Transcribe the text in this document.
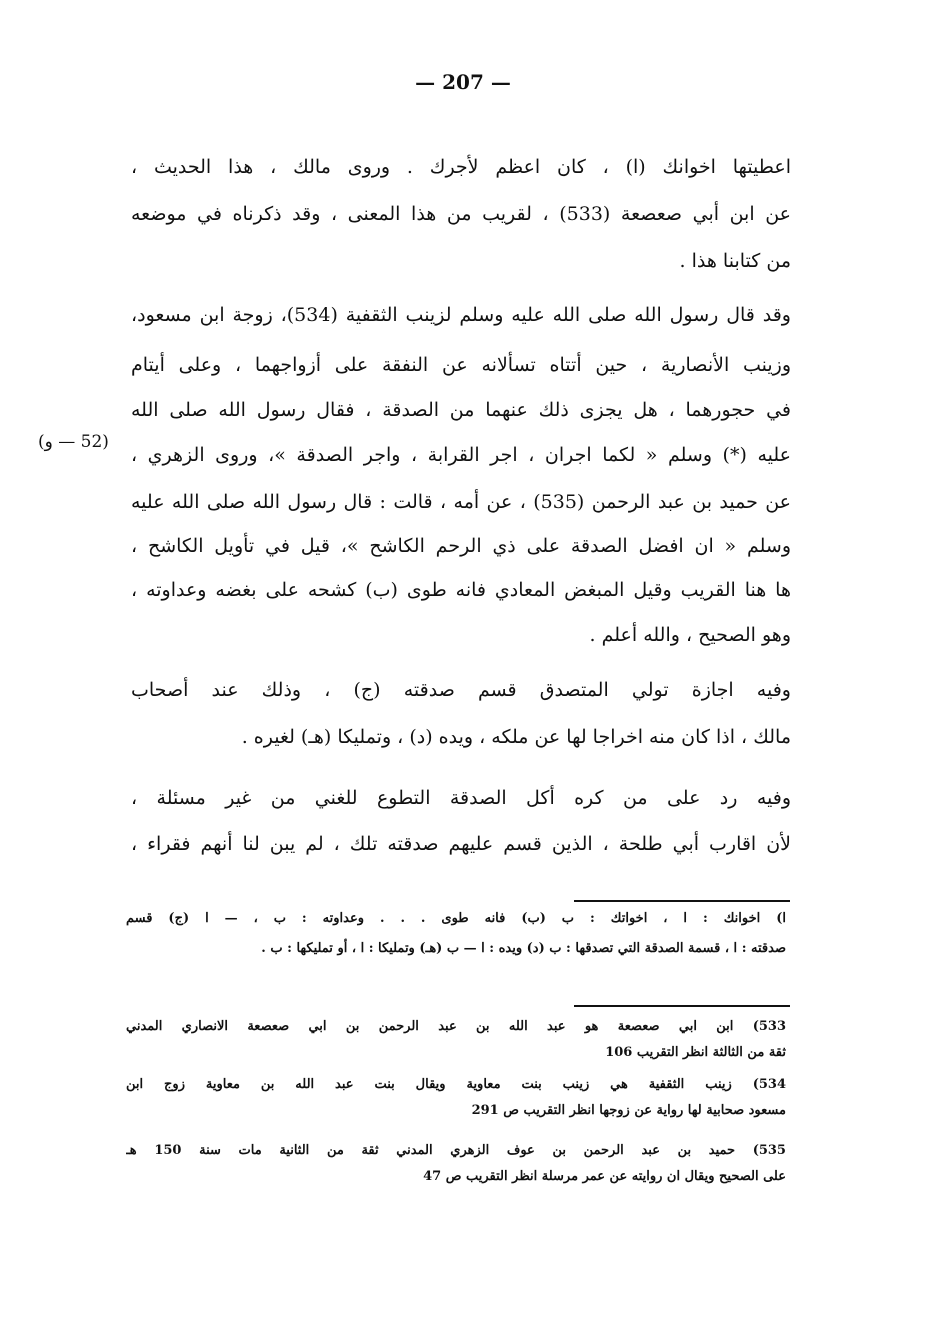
— 207 —
اعطيتها اخوانك (ا) ، كان اعظم لأجرك . وروى مالك ، هذا الحديث ،
عن ابن أبي صعصعة (533) ، لقريب من هذا المعنى ، وقد ذكرناه في موضعه
من كتابنا هذا .
وقد قال رسول الله صلى الله عليه وسلم لزينب الثقفية (534)، زوجة ابن مسعود،
وزينب الأنصارية ، حين أتتاه تسألانه عن النفقة على أزواجهما ، وعلى أيتام
في حجورهما ، هل يجزى ذلك عنهما من الصدقة ، فقال رسول الله صلى الله
عليه (*) وسلم « لكما اجران ، اجر القرابة ، واجر الصدقة »، وروى الزهري ،
عن حميد بن عبد الرحمن (535) ، عن أمه ، قالت : قال رسول الله صلى الله عليه
وسلم « ان افضل الصدقة على ذي الرحم الكاشح »، قيل في تأويل الكاشح ،
ها هنا القريب وقيل المبغض المعادي فانه طوى (ب) كشحه على بغضه وعداوته ،
وهو الصحيح ، والله أعلم .
وفيه اجازة تولي المتصدق قسم صدقته (ج) ، وذلك عند أصحاب
مالك ، اذا كان منه اخراجا لها عن ملكه ، ويده (د) ، وتمليكا (هـ) لغيره .
وفيه رد على من كره أكل الصدقة التطوع للغني من غير مسئلة ،
لأن اقارب أبي طلحة ، الذين قسم عليهم صدقته تلك ، لم يبن لنا أنهم فقراء ،
(52 — و)
ا) اخوانك : ا ، اخواتك : ب (ب) فانه طوى . . . وعداوته : ب ، — ا (ج) قسم
صدقته : ا ، قسمة الصدقة التي تصدقها : ب (د) ويده : ا — ب (هـ) وتمليكا : ا ، أو تمليكها : ب .
533) ابن ابي صعصعة هو عبد الله بن عبد الرحمن بن ابي صعصعة الانصاري المدني
ثقة من الثالثة انظر التقريب 106
534) زينب الثقفية هي زينب بنت معاوية ويقال بنت عبد الله بن معاوية زوج ابن
مسعود صحابية لها رواية عن زوجها انظر التقريب ص 291
535) حميد بن عبد الرحمن بن عوف الزهري المدني ثقة من الثانية مات سنة 150 هـ
على الصحيح ويقال ان روايته عن عمر مرسلة انظر التقريب ص 47
